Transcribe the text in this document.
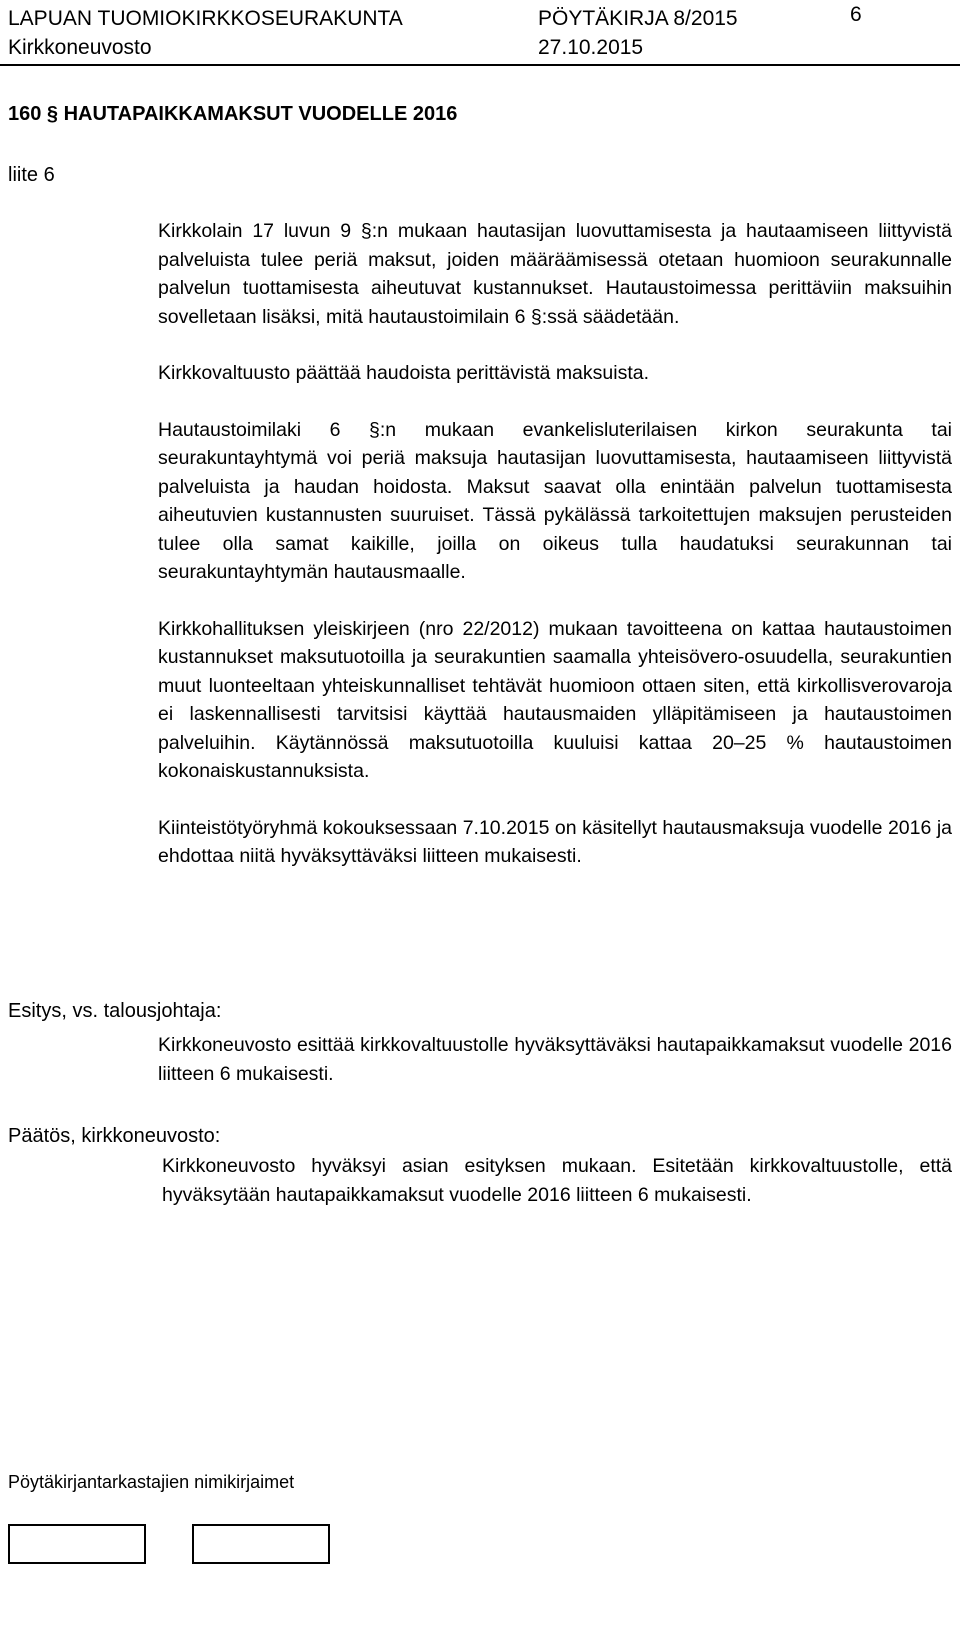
LAPUAN TUOMIOKIRKKOSEURAKUNTA
Kirkkoneuvosto
PÖYTÄKIRJA 8/2015
27.10.2015
6
160 § HAUTAPAIKKAMAKSUT VUODELLE 2016
liite 6

Kirkkolain 17 luvun 9 §:n mukaan hautasijan luovuttamisesta ja hautaamiseen liittyvistä palveluista tulee periä maksut, joiden määräämisessä otetaan huomioon seurakunnalle palvelun tuottamisesta aiheutuvat kustannukset. Hautaustoimessa perittäviin maksuihin sovelletaan lisäksi, mitä hautaustoimilain 6 §:ssä säädetään.

Kirkkovaltuusto päättää haudoista perittävistä maksuista.

Hautaustoimilaki 6 §:n mukaan evankelisluterilaisen kirkon seurakunta tai seurakuntayhtymä voi periä maksuja hautasijan luovuttamisesta, hautaamiseen liittyvistä palveluista ja haudan hoidosta. Maksut saavat olla enintään palvelun tuottamisesta aiheutuvien kustannusten suuruiset. Tässä pykälässä tarkoitettujen maksujen perusteiden tulee olla samat kaikille, joilla on oikeus tulla haudatuksi seurakunnan tai seurakuntayhtymän hautausmaalle.

Kirkkohallituksen yleiskirjeen (nro 22/2012) mukaan tavoitteena on kattaa hautaustoimen kustannukset maksutuotoilla ja seurakuntien saamalla yhteisövero-osuudella, seurakuntien muut luonteeltaan yhteiskunnalliset tehtävät huomioon ottaen siten, että kirkollisverovaroja ei laskennallisesti tarvitsisi käyttää hautausmaiden ylläpitämiseen ja hautaustoimen palveluihin. Käytännössä maksutuotoilla kuuluisi kattaa 20–25 % hautaustoimen kokonaiskustannuksista.

Kiinteistötyöryhmä kokouksessaan 7.10.2015 on käsitellyt hautausmaksuja vuodelle 2016 ja ehdottaa niitä hyväksyttäväksi liitteen mukaisesti.

Esitys, vs. talousjohtaja:
Kirkkoneuvosto esittää kirkkovaltuustolle hyväksyttäväksi hautapaikkamaksut vuodelle 2016 liitteen 6 mukaisesti.
Päätös, kirkkoneuvosto:
Kirkkoneuvosto hyväksyi asian esityksen mukaan. Esitetään kirkkovaltuustolle, että hyväksytään hautapaikkamaksut vuodelle 2016 liitteen 6 mukaisesti.
Pöytäkirjantarkastajien nimikirjaimet
